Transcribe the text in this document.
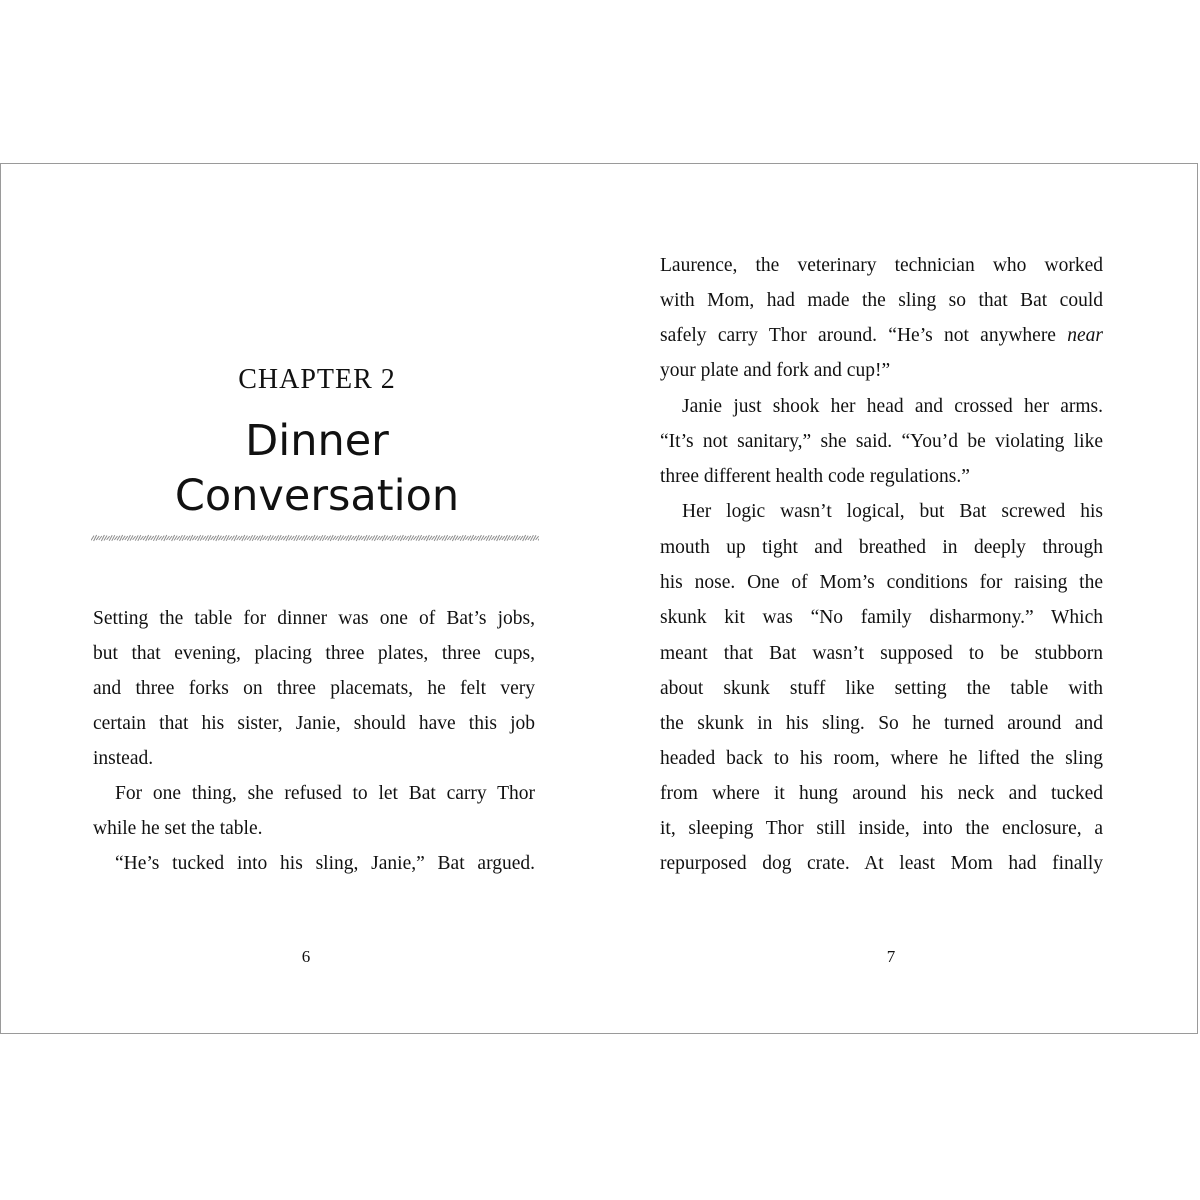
CHAPTER 2
Dinner
Conversation
7
6
Setting the table for dinner was one of Bat’s jobs,
but that evening, placing three plates, three cups,
and three forks on three placemats, he felt very
certain that his sister, Janie, should have this job
instead.
For one thing, she refused to let Bat carry Thor
while he set the table.
“He’s tucked into his sling, Janie,” Bat argued.
Laurence, the veterinary technician who worked
with Mom, had made the sling so that Bat could
safely carry Thor around. “He’s not anywhere near
your plate and fork and cup!”
Janie just shook her head and crossed her arms.
“It’s not sanitary,” she said. “You’d be violating like
three different health code regulations.”
Her logic wasn’t logical, but Bat screwed his
mouth up tight and breathed in deeply through
his nose. One of Mom’s conditions for raising the
skunk kit was “No family disharmony.” Which
meant that Bat wasn’t supposed to be stubborn
about skunk stuff like setting the table with
the skunk in his sling. So he turned around and
headed back to his room, where he lifted the sling
from where it hung around his neck and tucked
it, sleeping Thor still inside, into the enclosure, a
repurposed dog crate. At least Mom had finally
